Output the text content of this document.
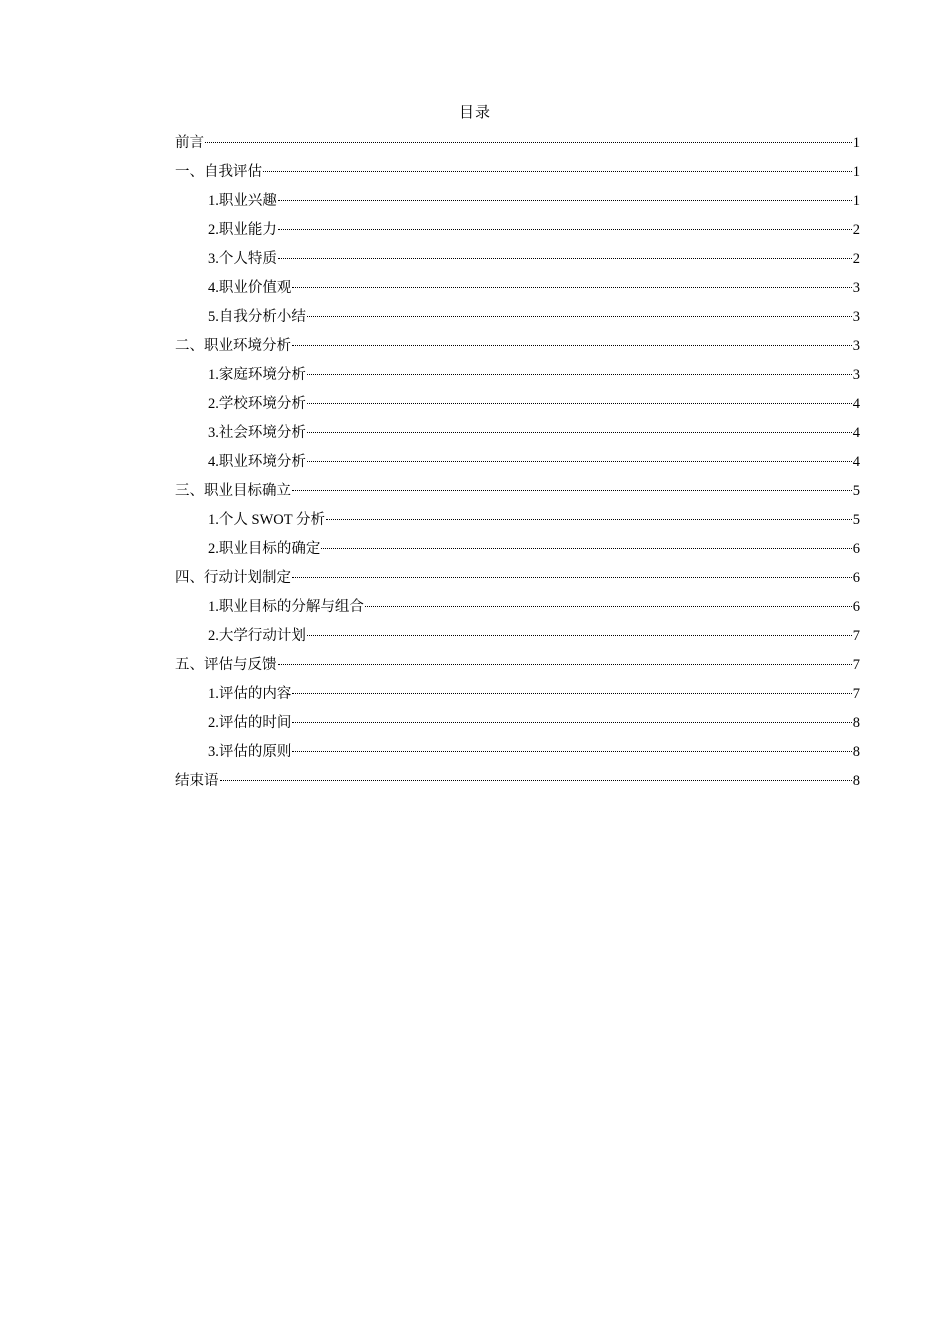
目录
前言	1
一、自我评估	1
1.职业兴趣	1
2.职业能力	2
3.个人特质	2
4.职业价值观	3
5.自我分析小结	3
二、职业环境分析	3
1.家庭环境分析	3
2.学校环境分析	4
3.社会环境分析	4
4.职业环境分析	4
三、职业目标确立	5
1.个人 SWOT 分析	5
2.职业目标的确定	6
四、行动计划制定	6
1.职业目标的分解与组合	6
2.大学行动计划	7
五、评估与反馈	7
1.评估的内容	7
2.评估的时间	8
3.评估的原则	8
结束语	8
